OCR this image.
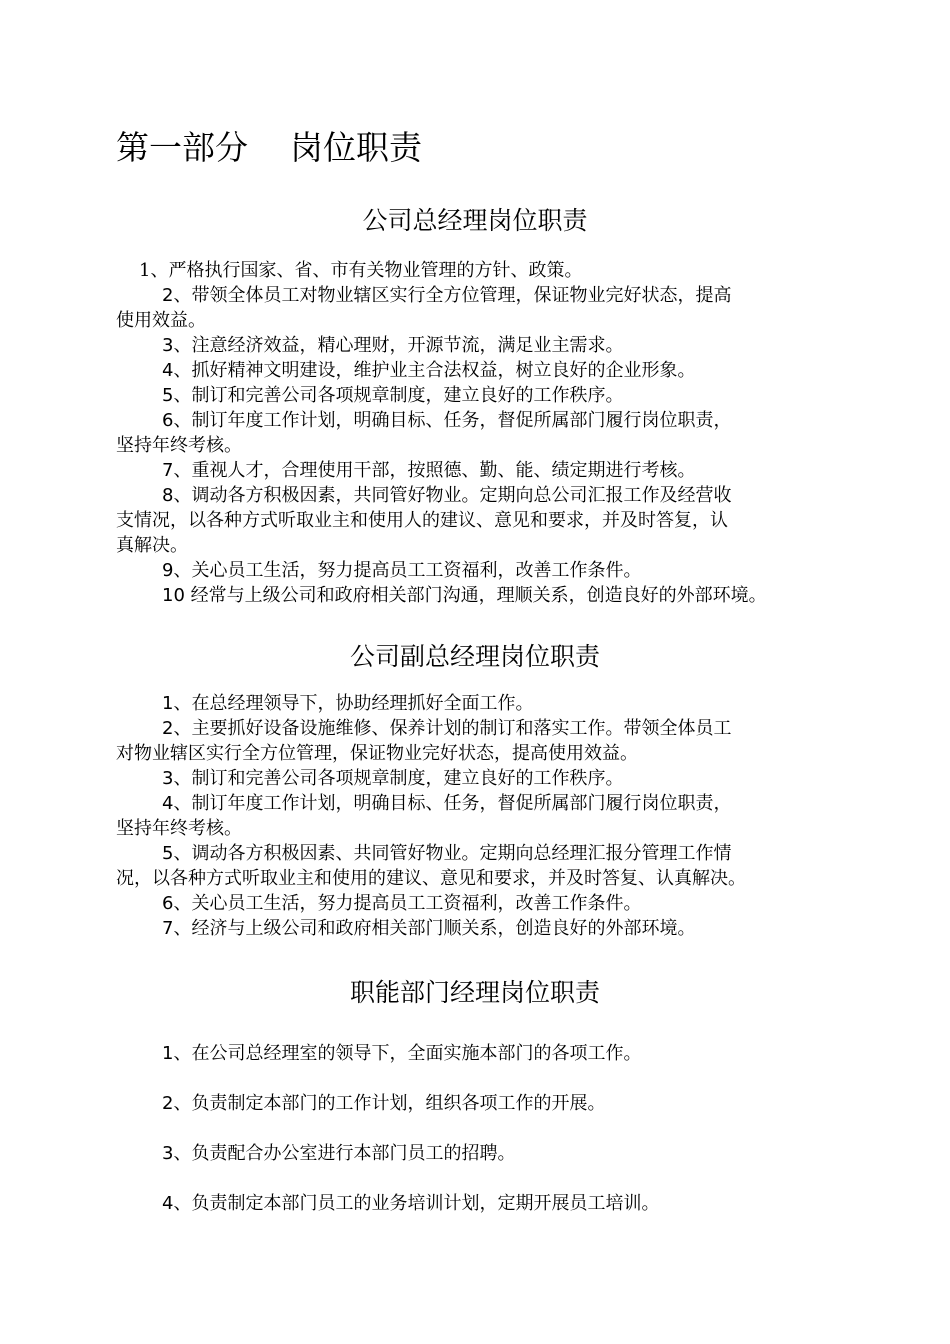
第一部分    岗位职责
公司总经理岗位职责
1、严格执行国家、省、市有关物业管理的方针、政策。
2、带领全体员工对物业辖区实行全方位管理，保证物业完好状态，提高
使用效益。
3、注意经济效益，精心理财，开源节流，满足业主需求。
4、抓好精神文明建设，维护业主合法权益，树立良好的企业形象。
5、制订和完善公司各项规章制度，建立良好的工作秩序。
6、制订年度工作计划，明确目标、任务，督促所属部门履行岗位职责，
坚持年终考核。
7、重视人才，合理使用干部，按照德、勤、能、绩定期进行考核。
8、调动各方积极因素，共同管好物业。定期向总公司汇报工作及经营收
支情况，以各种方式听取业主和使用人的建议、意见和要求，并及时答复，认
真解决。
9、关心员工生活，努力提高员工工资福利，改善工作条件。
10 经常与上级公司和政府相关部门沟通，理顺关系，创造良好的外部环境。
公司副总经理岗位职责
1、在总经理领导下，协助经理抓好全面工作。
2、主要抓好设备设施维修、保养计划的制订和落实工作。带领全体员工
对物业辖区实行全方位管理，保证物业完好状态，提高使用效益。
3、制订和完善公司各项规章制度，建立良好的工作秩序。
4、制订年度工作计划，明确目标、任务，督促所属部门履行岗位职责，
坚持年终考核。
5、调动各方积极因素、共同管好物业。定期向总经理汇报分管理工作情
况，以各种方式听取业主和使用的建议、意见和要求，并及时答复、认真解决。
6、关心员工生活，努力提高员工工资福利，改善工作条件。
7、经济与上级公司和政府相关部门顺关系，创造良好的外部环境。
职能部门经理岗位职责
1、在公司总经理室的领导下，全面实施本部门的各项工作。
2、负责制定本部门的工作计划，组织各项工作的开展。
3、负责配合办公室进行本部门员工的招聘。
4、负责制定本部门员工的业务培训计划，定期开展员工培训。
